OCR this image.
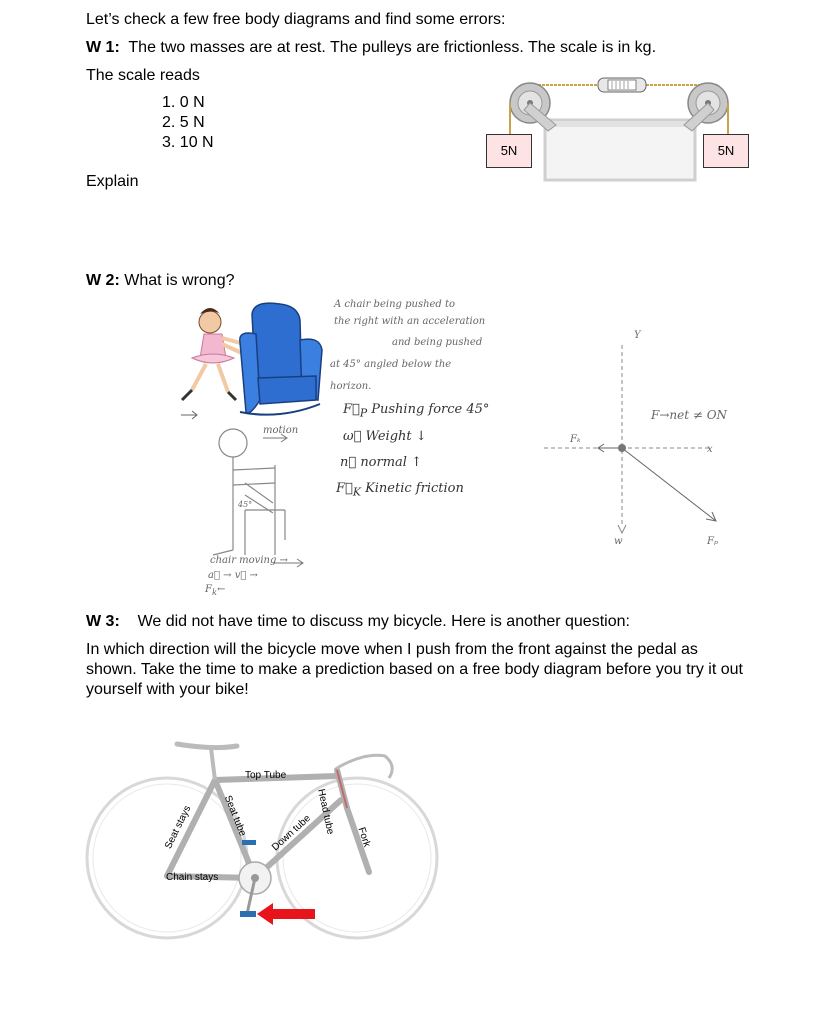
Let’s check a few free body diagrams and find some errors:
W 1: The two masses are at rest. The pulleys are frictionless. The scale is in kg.
The scale reads
1. 0 N
2. 5 N
3. 10 N
Explain
5N	5N
W 2: What is wrong?
motion
45°
chair moving →
a⃗ → v⃗ →
$F_k\leftarrow$
A chair being pushed to
the right with an acceleration
and being pushed
at 45° angled below the
horizon.
$F⃗_P$ Pushing force 45°
ω⃗ Weight ↓
n⃗ normal ↑
$F⃗_K$ Kinetic friction
Y
F→net ≠ ON
x
Fₖ
w	Fₚ
W 3: We did not have time to discuss my bicycle. Here is another question:
In which direction will the bicycle move when I push from the front against the pedal as shown. Take the time to make a prediction based on a free body diagram before you try it out yourself with your bike!
Top Tube
Head tube
Fork
Seat tube Down tube
Seat stays
Chain stays
